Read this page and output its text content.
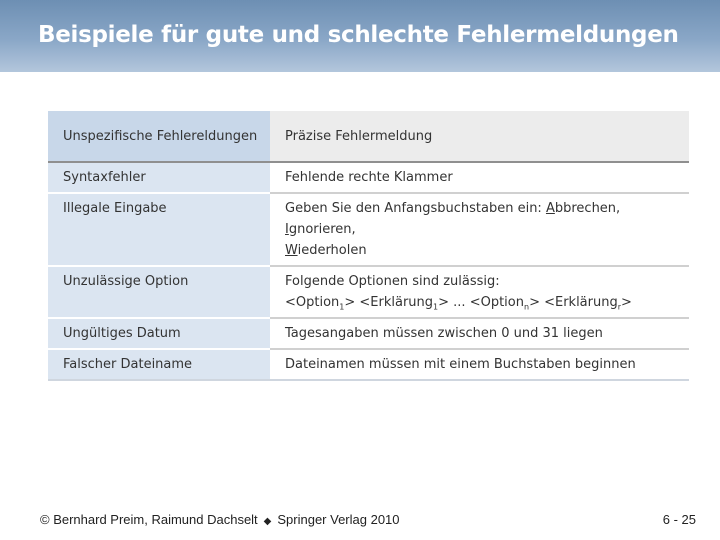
Beispiele für gute und schlechte Fehlermeldungen
Unspezifische Fehlereldungen	Präzise Fehlermeldung
Syntaxfehler	Fehlende rechte Klammer
Illegale Eingabe	Geben Sie den Anfangsbuchstaben ein: Abbrechen, Ignorieren,
Wiederholen
Unzulässige Option	Folgende Optionen sind zulässig:
<Option$_1$> <Erklärung$_1$> ... <Option$_n$> <Erklärung$_r$>
Ungültiges Datum	Tagesangaben müssen zwischen 0 und 31 liegen
Falscher Dateiname	Dateinamen müssen mit einem Buchstaben beginnen
© Bernhard Preim, Raimund Dachselt ◆ Springer Verlag 2010	6 - 25
